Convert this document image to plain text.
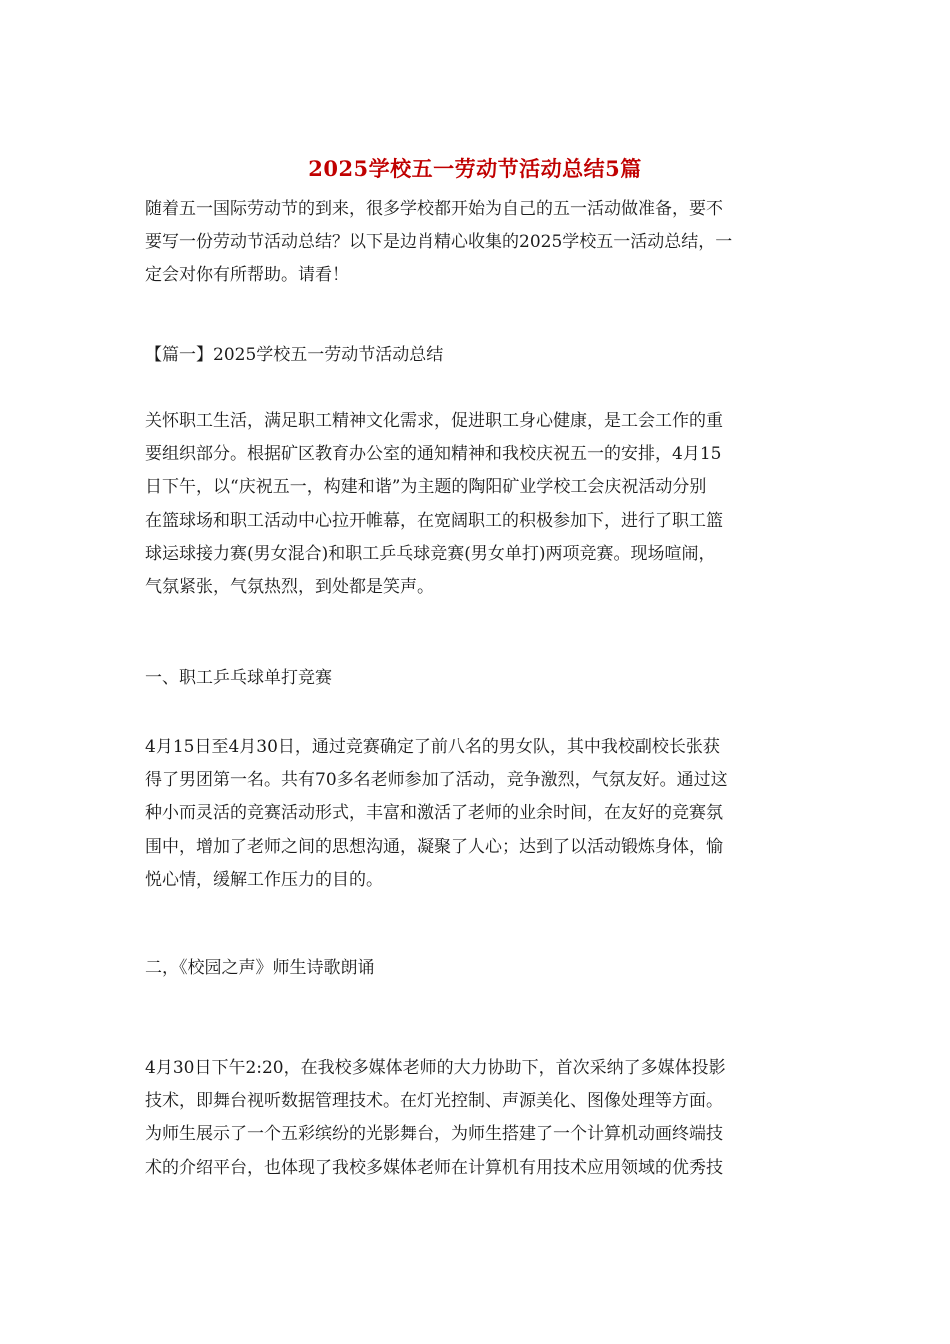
2025学校五一劳动节活动总结5篇
随着五一国际劳动节的到来，很多学校都开始为自己的五一活动做准备，要不
要写一份劳动节活动总结？以下是边肖精心收集的2025学校五一活动总结，一
定会对你有所帮助。请看！
【篇一】2025学校五一劳动节活动总结
关怀职工生活，满足职工精神文化需求，促进职工身心健康，是工会工作的重
要组织部分。根据矿区教育办公室的通知精神和我校庆祝五一的安排，4月15
日下午，以“庆祝五一，构建和谐”为主题的陶阳矿业学校工会庆祝活动分别
在篮球场和职工活动中心拉开帷幕，在宽阔职工的积极参加下，进行了职工篮
球运球接力赛(男女混合)和职工乒乓球竞赛(男女单打)两项竞赛。现场喧闹，
气氛紧张，气氛热烈，到处都是笑声。
一、职工乒乓球单打竞赛
4月15日至4月30日，通过竞赛确定了前八名的男女队，其中我校副校长张获
得了男团第一名。共有70多名老师参加了活动，竞争激烈，气氛友好。通过这
种小而灵活的竞赛活动形式，丰富和激活了老师的业余时间，在友好的竞赛氛
围中，增加了老师之间的思想沟通，凝聚了人心；达到了以活动锻炼身体，愉
悦心情，缓解工作压力的目的。
二，《校园之声》师生诗歌朗诵
4月30日下午2:20，在我校多媒体老师的大力协助下，首次采纳了多媒体投影
技术，即舞台视听数据管理技术。在灯光控制、声源美化、图像处理等方面。
为师生展示了一个五彩缤纷的光影舞台，为师生搭建了一个计算机动画终端技
术的介绍平台，也体现了我校多媒体老师在计算机有用技术应用领域的优秀技
